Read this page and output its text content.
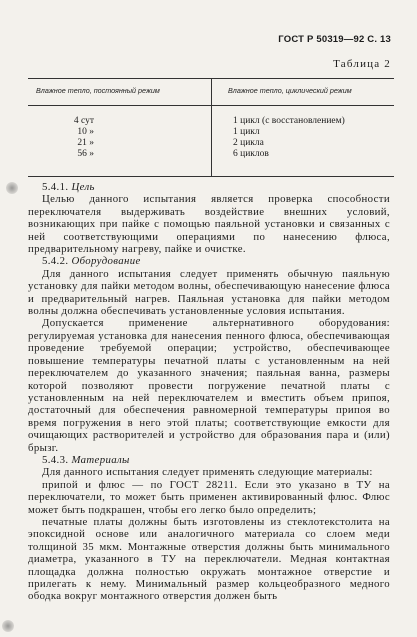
ГОСТ Р 50319—92 С. 13
Таблица 2
Влажное тепло, постоянный режим	Влажное тепло, циклический режим
4 сут
10 »
21 »
56 »
1 цикл (с восстановлением)
1 цикл
2 цикла
6 циклов

5.4.1. Цель

Целью данного испытания является проверка способности переключателя выдерживать воздействие внешних условий, возникающих при пайке с помощью паяльной установки и связанных с ней соответствующими операциями по нанесению флюса, предварительному нагреву, пайке и очистке.

5.4.2. Оборудование

Для данного испытания следует применять обычную паяльную установку для пайки методом волны, обеспечивающую нанесение флюса и предварительный нагрев. Паяльная установка для пайки методом волны должна обеспечивать установленные условия испытания.

Допускается применение альтернативного оборудования: регулируемая установка для нанесения пенного флюса, обеспечивающая проведение требуемой операции; устройство, обеспечивающее повышение температуры печатной платы с установленным на ней переключателем до указанного значения; паяльная ванна, размеры которой позволяют провести погружение печатной платы с установленным на ней переключателем и вместить объем припоя, достаточный для обеспечения равномерной температуры припоя во время погружения в него этой платы; соответствующие емкости для очищающих растворителей и устройство для образования пара и (или) брызг.

5.4.3. Материалы

Для данного испытания следует применять следующие материалы:

припой и флюс — по ГОСТ 28211. Если это указано в ТУ на переключатели, то может быть применен активированный флюс. Флюс может быть подкрашен, чтобы его легко было определить;

печатные платы должны быть изготовлены из стеклотекстолита на эпоксидной основе или аналогичного материала со слоем меди толщиной 35 мкм. Монтажные отверстия должны быть минимального диаметра, указанного в ТУ на переключатели. Медная контактная площадка должна полностью окружать монтажное отверстие и прилегать к нему. Минимальный размер кольцеобразного медного ободка вокруг монтажного отверстия должен быть
